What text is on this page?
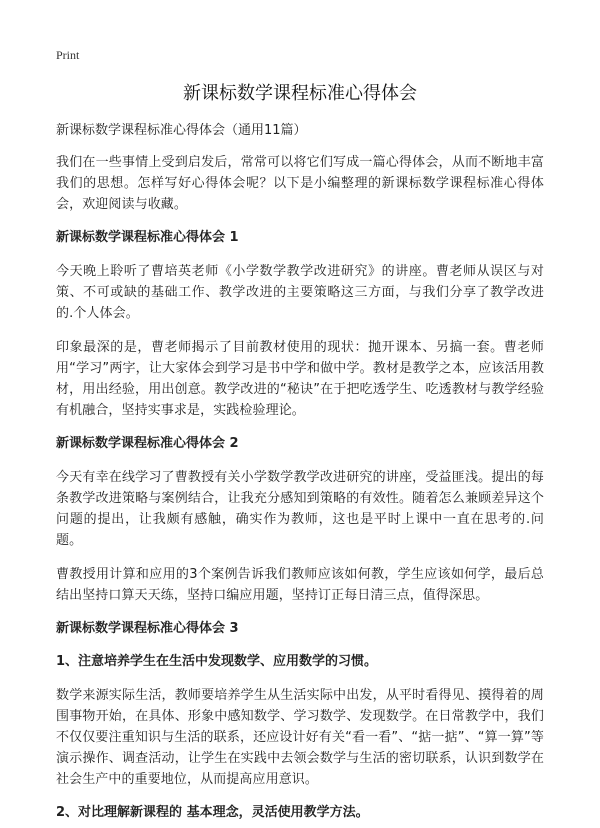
Print
新课标数学课程标准心得体会
新课标数学课程标准心得体会（通用11篇）

我们在一些事情上受到启发后，常常可以将它们写成一篇心得体会，从而不断地丰富我们的思想。怎样写好心得体会呢？以下是小编整理的新课标数学课程标准心得体会，欢迎阅读与收藏。

新课标数学课程标准心得体会 1

今天晚上聆听了曹培英老师《小学数学教学改进研究》的讲座。曹老师从误区与对策、不可或缺的基础工作、教学改进的主要策略这三方面，与我们分享了教学改进的.个人体会。

印象最深的是，曹老师揭示了目前教材使用的现状：抛开课本、另搞一套。曹老师用“学习”两字，让大家体会到学习是书中学和做中学。教材是教学之本，应该活用教材，用出经验，用出创意。教学改进的“秘诀”在于把吃透学生、吃透教材与教学经验有机融合，坚持实事求是，实践检验理论。

新课标数学课程标准心得体会 2

今天有幸在线学习了曹教授有关小学数学教学改进研究的讲座，受益匪浅。提出的每条教学改进策略与案例结合，让我充分感知到策略的有效性。随着怎么兼顾差异这个问题的提出，让我颇有感触，确实作为教师，这也是平时上课中一直在思考的.问题。

曹教授用计算和应用的3个案例告诉我们教师应该如何教，学生应该如何学，最后总结出坚持口算天天练，坚持口编应用题，坚持订正每日清三点，值得深思。

新课标数学课程标准心得体会 3
1、注意培养学生在生活中发现数学、应用数学的习惯。

数学来源实际生活，教师要培养学生从生活实际中出发，从平时看得见、摸得着的周围事物开始，在具体、形象中感知数学、学习数学、发现数学。在日常教学中，我们不仅仅要注重知识与生活的联系，还应设计好有关“看一看”、“掂一掂”、“算一算”等演示操作、调查活动，让学生在实践中去领会数学与生活的密切联系，认识到数学在社会生产中的重要地位，从而提高应用意识。

2、对比理解新课程的 基本理念，灵活使用教学方法。
